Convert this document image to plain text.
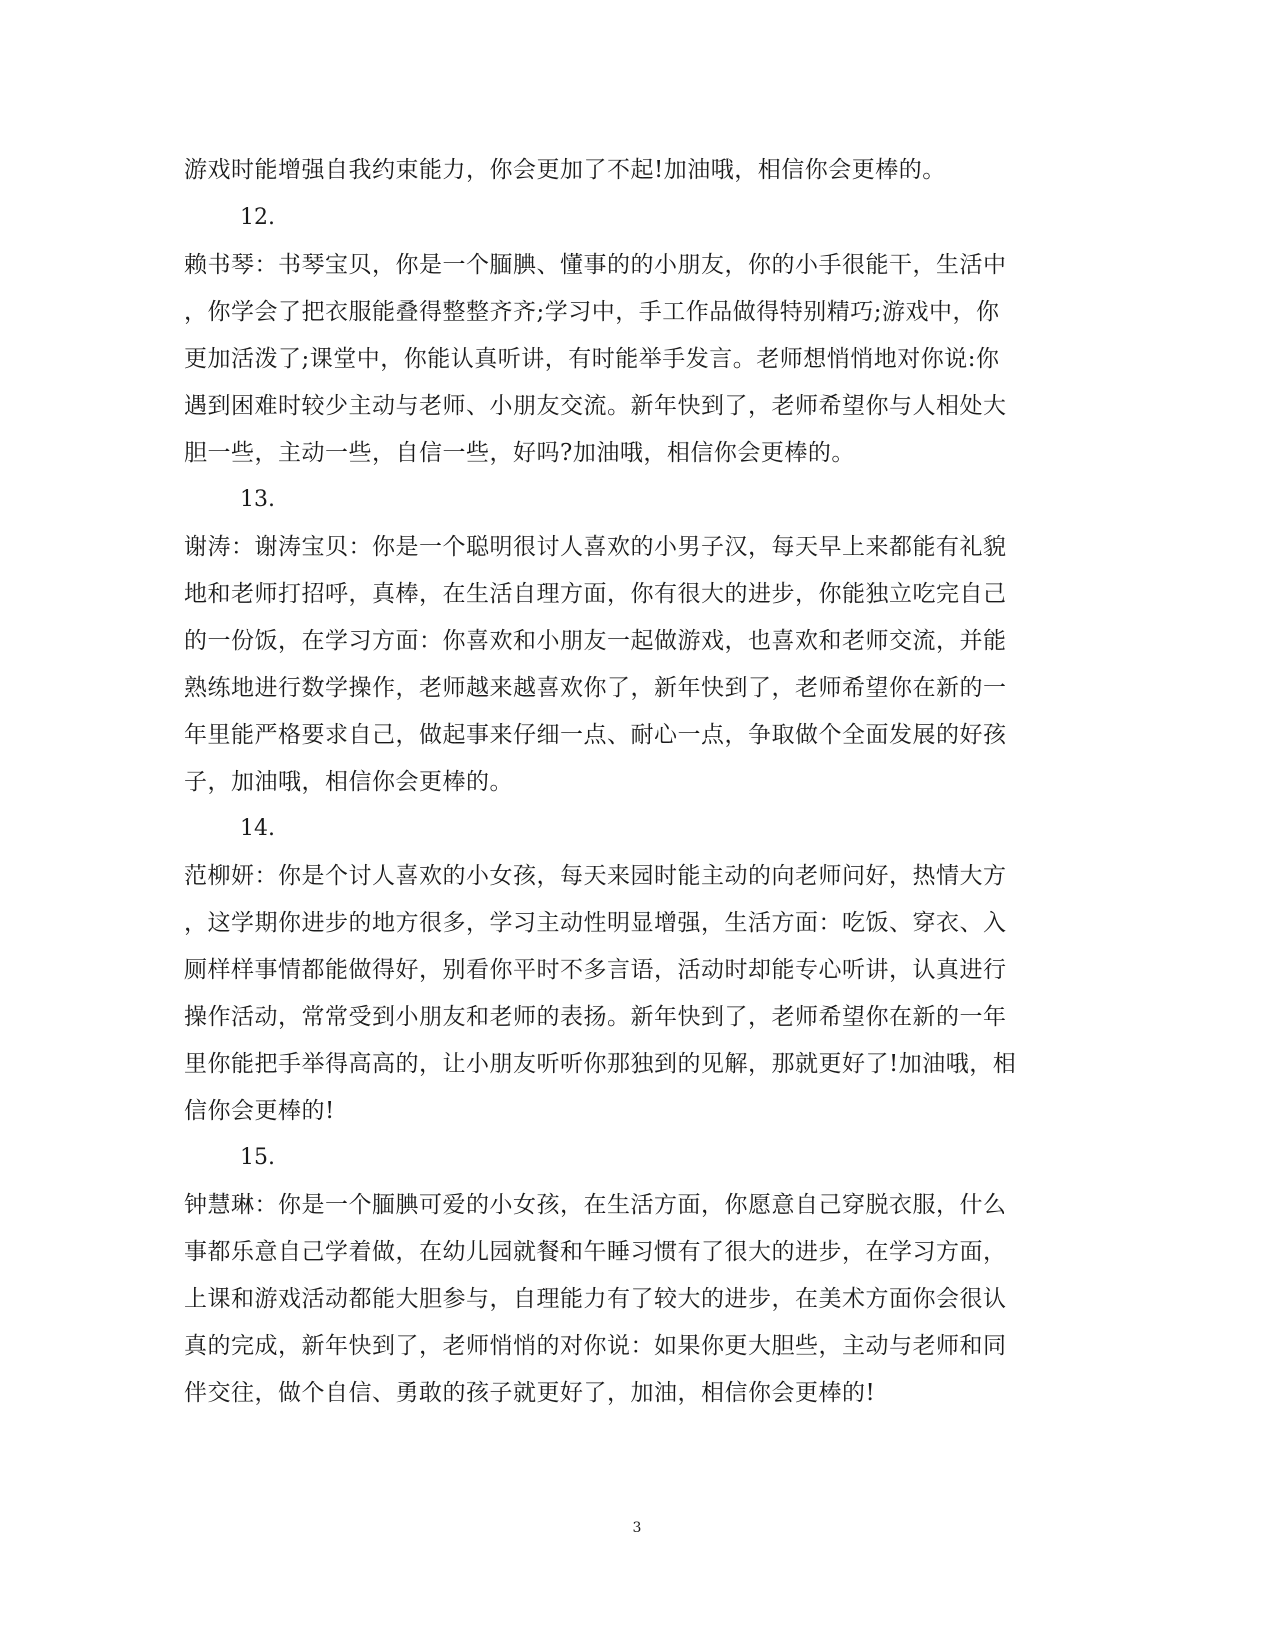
游戏时能增强自我约束能力，你会更加了不起!加油哦，相信你会更棒的。
12.
赖书琴：书琴宝贝，你是一个腼腆、懂事的的小朋友，你的小手很能干，生活中
，你学会了把衣服能叠得整整齐齐;学习中，手工作品做得特别精巧;游戏中，你
更加活泼了;课堂中，你能认真听讲，有时能举手发言。老师想悄悄地对你说:你
遇到困难时较少主动与老师、小朋友交流。新年快到了，老师希望你与人相处大
胆一些，主动一些，自信一些，好吗?加油哦，相信你会更棒的。
13.
谢涛：谢涛宝贝：你是一个聪明很讨人喜欢的小男子汉，每天早上来都能有礼貌
地和老师打招呼，真棒，在生活自理方面，你有很大的进步，你能独立吃完自己
的一份饭，在学习方面：你喜欢和小朋友一起做游戏，也喜欢和老师交流，并能
熟练地进行数学操作，老师越来越喜欢你了，新年快到了，老师希望你在新的一
年里能严格要求自己，做起事来仔细一点、耐心一点，争取做个全面发展的好孩
子，加油哦，相信你会更棒的。
14.
范柳妍：你是个讨人喜欢的小女孩，每天来园时能主动的向老师问好，热情大方
，这学期你进步的地方很多，学习主动性明显增强，生活方面：吃饭、穿衣、入
厕样样事情都能做得好，别看你平时不多言语，活动时却能专心听讲，认真进行
操作活动，常常受到小朋友和老师的表扬。新年快到了，老师希望你在新的一年
里你能把手举得高高的，让小朋友听听你那独到的见解，那就更好了!加油哦，相
信你会更棒的!
15.
钟慧琳：你是一个腼腆可爱的小女孩，在生活方面，你愿意自己穿脱衣服，什么
事都乐意自己学着做，在幼儿园就餐和午睡习惯有了很大的进步，在学习方面，
上课和游戏活动都能大胆参与，自理能力有了较大的进步，在美术方面你会很认
真的完成，新年快到了，老师悄悄的对你说：如果你更大胆些，主动与老师和同
伴交往，做个自信、勇敢的孩子就更好了，加油，相信你会更棒的!
3
